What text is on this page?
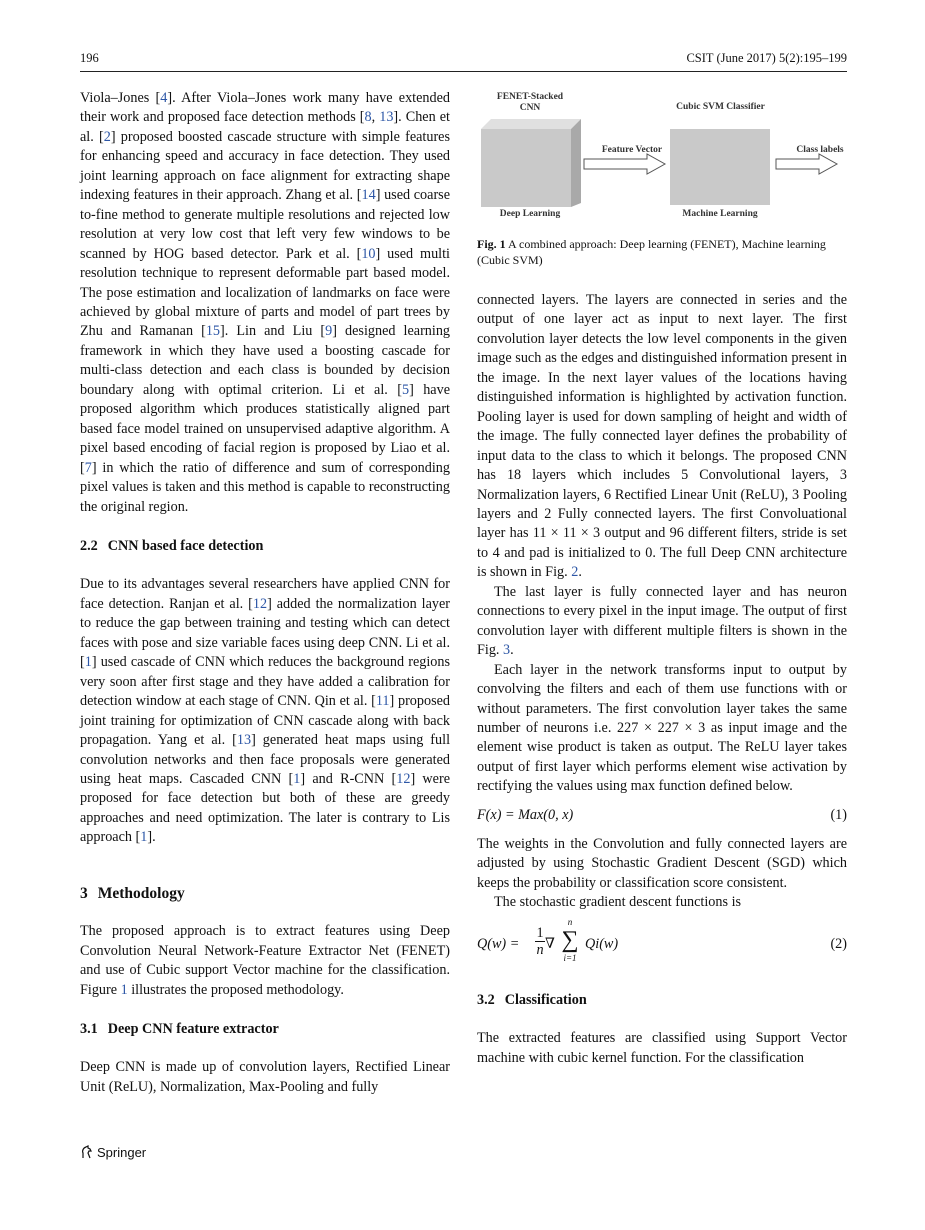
196	CSIT (June 2017) 5(2):195–199

Viola–Jones [4]. After Viola–Jones work many have extended their work and proposed face detection methods [8, 13]. Chen et al. [2] proposed boosted cascade structure with simple features for enhancing speed and accuracy in face detection. They used joint learning approach on face alignment for extracting shape indexing features in their approach. Zhang et al. [14] used coarse to-fine method to generate multiple resolutions and rejected low resolution at very low cost that left very few windows to be scanned by HOG based detector. Park et al. [10] used multi resolution technique to represent deformable part based model. The pose estimation and localization of landmarks on face were achieved by global mixture of parts and model of part trees by Zhu and Ramanan [15]. Lin and Liu [9] designed learning framework in which they have used a boosting cascade for multi-class detection and each class is bounded by decision boundary along with optimal criterion. Li et al. [5] have proposed algorithm which produces statistically aligned part based face model trained on unsupervised adaptive algorithm. A pixel based encoding of facial region is proposed by Liao et al. [7] in which the ratio of difference and sum of corresponding pixel values is taken and this method is capable to reconstructing the original region.

2.2 CNN based face detection

Due to its advantages several researchers have applied CNN for face detection. Ranjan et al. [12] added the normalization layer to reduce the gap between training and testing which can detect faces with pose and size variable faces using deep CNN. Li et al. [1] used cascade of CNN which reduces the background regions very soon after first stage and they have added a calibration for detection window at each stage of CNN. Qin et al. [11] proposed joint training for optimization of CNN cascade along with back propagation. Yang et al. [13] generated heat maps using full convolution networks and then face proposals were generated using heat maps. Cascaded CNN [1] and R-CNN [12] were proposed for face detection but both of these are greedy approaches and need optimization. The later is contrary to Lis approach [1].

3 Methodology

The proposed approach is to extract features using Deep Convolution Neural Network-Feature Extractor Net (FENET) and use of Cubic support Vector machine for the classification. Figure 1 illustrates the proposed methodology.

3.1 Deep CNN feature extractor

Deep CNN is made up of convolution layers, Rectified Linear Unit (ReLU), Normalization, Max-Pooling and fully

FENET-Stacked CNN
Deep Learning
Feature Vector
Cubic SVM Classifier
Machine Learning
Class labels
Fig. 1 A combined approach: Deep learning (FENET), Machine learning (Cubic SVM)

connected layers. The layers are connected in series and the output of one layer act as input to next layer. The first convolution layer detects the low level components in the given image such as the edges and distinguished information present in the image. In the next layer values of the locations having distinguished information is highlighted by activation function. Pooling layer is used for down sampling of height and width of the image. The fully connected layer defines the probability of input data to the class to which it belongs. The proposed CNN has 18 layers which includes 5 Convolutional layers, 3 Normalization layers, 6 Rectified Linear Unit (ReLU), 3 Pooling layers and 2 Fully connected layers. The first Convoluational layer has 11 × 11 × 3 output and 96 different filters, stride is set to 4 and pad is initialized to 0. The full Deep CNN architecture is shown in Fig. 2.

The last layer is fully connected layer and has neuron connections to every pixel in the input image. The output of first convolution layer with different multiple filters is shown in the Fig. 3.

Each layer in the network transforms input to output by convolving the filters and each of them use functions with or without parameters. The first convolution layer takes the same number of neurons i.e. 227 × 227 × 3 as input image and the element wise product is taken as output. The ReLU layer takes output of first layer which performs element wise activation by rectifying the values using max function defined below.

F(x) = Max(0, x)	(1)

The weights in the Convolution and fully connected layers are adjusted by using Stochastic Gradient Descent (SGD) which keeps the probability or classification score consistent.

The stochastic gradient descent functions is

Q(w) =
1
n ∇
n
∑
i=1
Qi(w)	(2)
3.2 Classification

The extracted features are classified using Support Vector machine with cubic kernel function. For the classification

Springer
